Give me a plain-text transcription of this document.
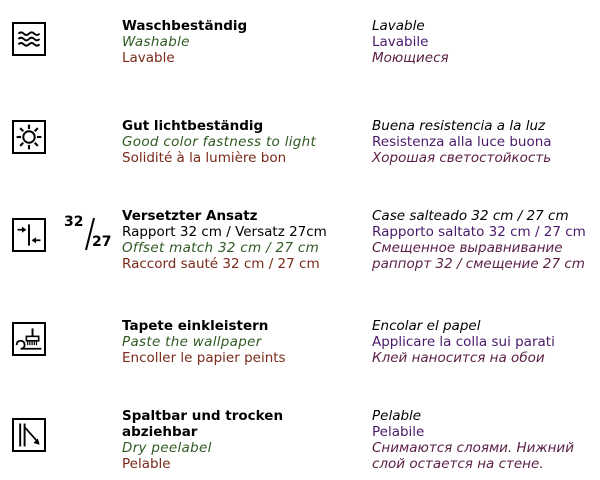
Waschbeständig
Washable
Lavable
Lavable
Lavabile
Моющиеся
Gut lichtbeständig
Good color fastness to light
Solidité à la lumière bon
Buena resistencia a la luz
Resistenza alla luce buona
Хорошая светостойкость
32
27
Versetzter Ansatz
Rapport 32 cm / Versatz 27cm
Offset match 32 cm / 27 cm
Raccord sauté 32 cm / 27 cm
Case salteado 32 cm / 27 cm
Rapporto saltato 32 cm / 27 cm
Смещенное выравнивание
раппорт 32 / смещение 27 cm
Tapete einkleistern
Paste the wallpaper
Encoller le papier peints
Encolar el papel
Applicare la colla sui parati
Клей наносится на обои
Spaltbar und trocken
abziehbar
Dry peelabel
Pelable
Pelable
Pelabile
Снимаются слоями. Нижний
слой остается на стене.
